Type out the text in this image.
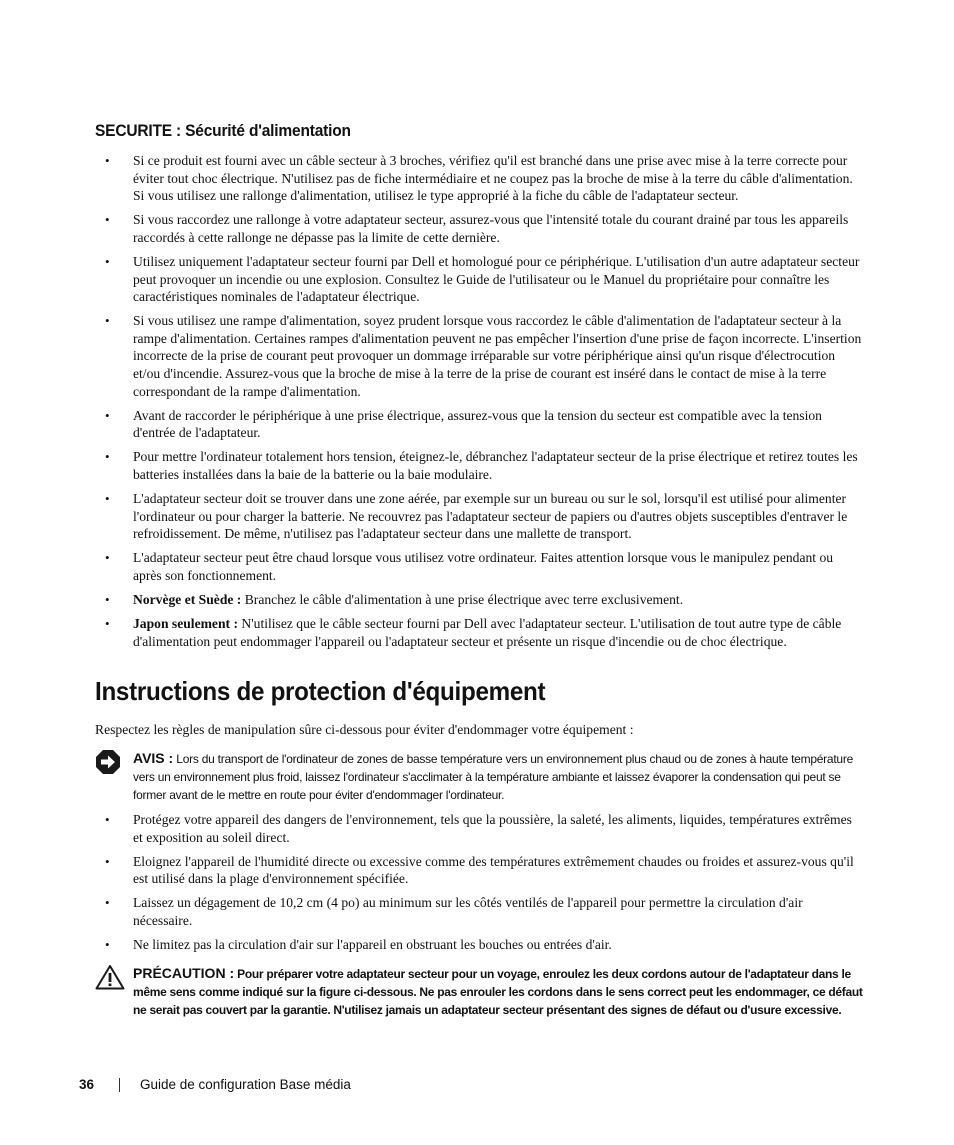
SECURITE : Sécurité d'alimentation
• Si ce produit est fourni avec un câble secteur à 3 broches, vérifiez qu'il est branché dans une prise avec mise à la terre correcte pour éviter tout choc électrique. N'utilisez pas de fiche intermédiaire et ne coupez pas la broche de mise à la terre du câble d'alimentation. Si vous utilisez une rallonge d'alimentation, utilisez le type approprié à la fiche du câble de l'adaptateur secteur.
• Si vous raccordez une rallonge à votre adaptateur secteur, assurez-vous que l'intensité totale du courant drainé par tous les appareils raccordés à cette rallonge ne dépasse pas la limite de cette dernière.
• Utilisez uniquement l'adaptateur secteur fourni par Dell et homologué pour ce périphérique. L'utilisation d'un autre adaptateur secteur peut provoquer un incendie ou une explosion. Consultez le Guide de l'utilisateur ou le Manuel du propriétaire pour connaître les caractéristiques nominales de l'adaptateur électrique.
• Si vous utilisez une rampe d'alimentation, soyez prudent lorsque vous raccordez le câble d'alimentation de l'adaptateur secteur à la rampe d'alimentation. Certaines rampes d'alimentation peuvent ne pas empêcher l'insertion d'une prise de façon incorrecte. L'insertion incorrecte de la prise de courant peut provoquer un dommage irréparable sur votre périphérique ainsi qu'un risque d'électrocution et/ou d'incendie. Assurez-vous que la broche de mise à la terre de la prise de courant est inséré dans le contact de mise à la terre correspondant de la rampe d'alimentation.
• Avant de raccorder le périphérique à une prise électrique, assurez-vous que la tension du secteur est compatible avec la tension d'entrée de l'adaptateur.
• Pour mettre l'ordinateur totalement hors tension, éteignez-le, débranchez l'adaptateur secteur de la prise électrique et retirez toutes les batteries installées dans la baie de la batterie ou la baie modulaire.
• L'adaptateur secteur doit se trouver dans une zone aérée, par exemple sur un bureau ou sur le sol, lorsqu'il est utilisé pour alimenter l'ordinateur ou pour charger la batterie. Ne recouvrez pas l'adaptateur secteur de papiers ou d'autres objets susceptibles d'entraver le refroidissement. De même, n'utilisez pas l'adaptateur secteur dans une mallette de transport.
• L'adaptateur secteur peut être chaud lorsque vous utilisez votre ordinateur. Faites attention lorsque vous le manipulez pendant ou après son fonctionnement.
• Norvège et Suède : Branchez le câble d'alimentation à une prise électrique avec terre exclusivement.
• Japon seulement : N'utilisez que le câble secteur fourni par Dell avec l'adaptateur secteur. L'utilisation de tout autre type de câble d'alimentation peut endommager l'appareil ou l'adaptateur secteur et présente un risque d'incendie ou de choc électrique.
Instructions de protection d'équipement
Respectez les règles de manipulation sûre ci-dessous pour éviter d'endommager votre équipement :
AVIS : Lors du transport de l'ordinateur de zones de basse température vers un environnement plus chaud ou de zones à haute température vers un environnement plus froid, laissez l'ordinateur s'acclimater à la température ambiante et laissez évaporer la condensation qui peut se former avant de le mettre en route pour éviter d'endommager l'ordinateur.
• Protégez votre appareil des dangers de l'environnement, tels que la poussière, la saleté, les aliments, liquides, températures extrêmes et exposition au soleil direct.
• Eloignez l'appareil de l'humidité directe ou excessive comme des températures extrêmement chaudes ou froides et assurez-vous qu'il est utilisé dans la plage d'environnement spécifiée.
• Laissez un dégagement de 10,2 cm (4 po) au minimum sur les côtés ventilés de l'appareil pour permettre la circulation d'air nécessaire.
• Ne limitez pas la circulation d'air sur l'appareil en obstruant les bouches ou entrées d'air.
PRÉCAUTION : Pour préparer votre adaptateur secteur pour un voyage, enroulez les deux cordons autour de l'adaptateur dans le même sens comme indiqué sur la figure ci-dessous. Ne pas enrouler les cordons dans le sens correct peut les endommager, ce défaut ne serait pas couvert par la garantie. N'utilisez jamais un adaptateur secteur présentant des signes de défaut ou d'usure excessive.
36	Guide de configuration Base média
